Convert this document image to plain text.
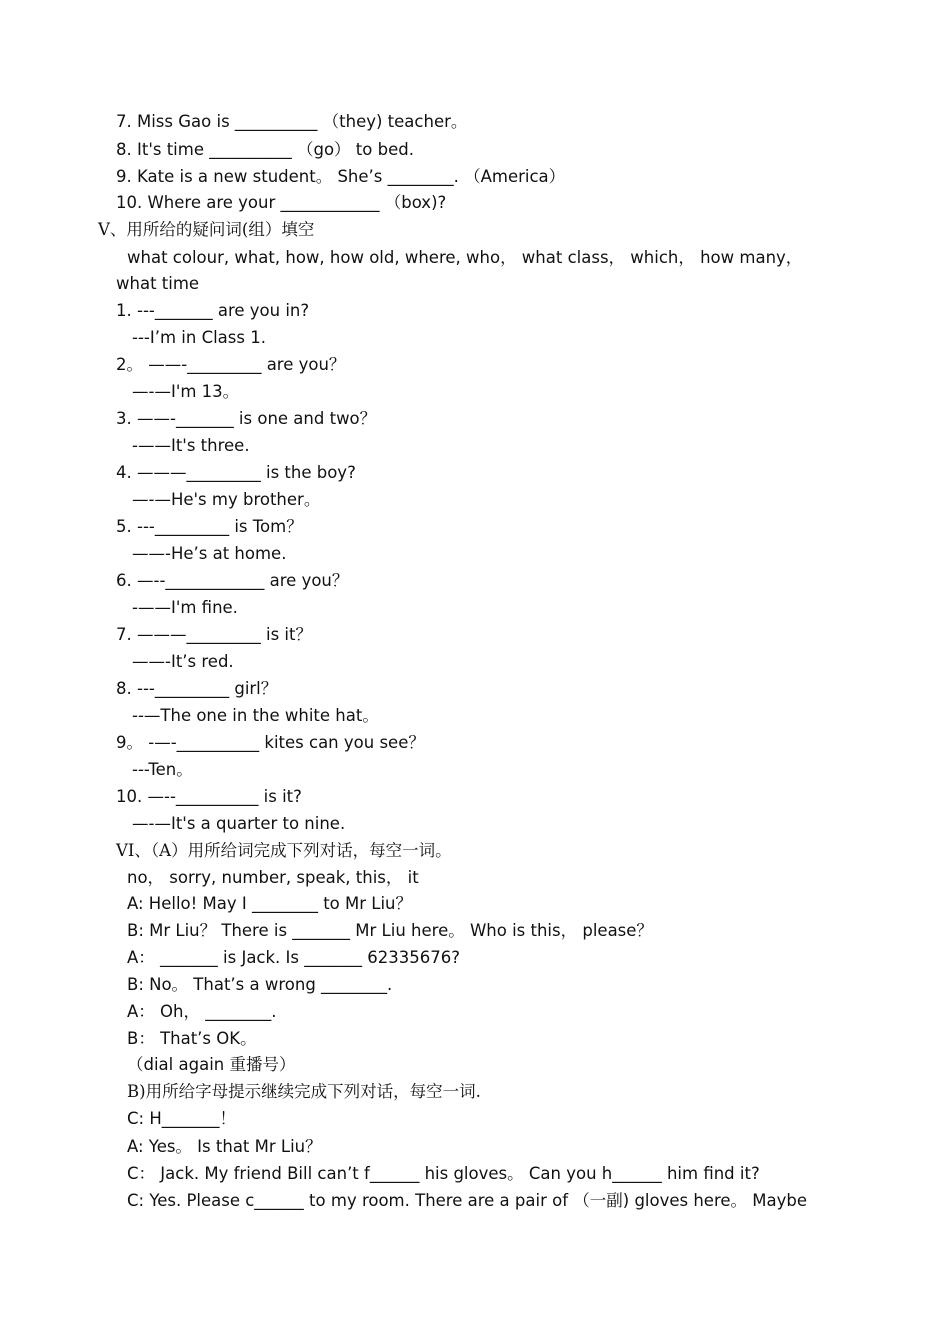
7. Miss Gao is __________ （they) teacher。
8. It's time __________ （go） to bed.
9. Kate is a new student。 She’s ________. （America）
10. Where are your ____________ （box)?
V、用所给的疑问词(组）填空
what colour, what, how, how old, where, who， what class， which， how many，
what time
1. ---_______ are you in?
---I’m in Class 1.
2。 ——-_________ are you？
—-—I'm 13。
3. ——-_______ is one and two？
-——It's three.
4. ———_________ is the boy?
—-—He's my brother。
5. ---_________ is Tom？
——-He’s at home.
6. —--____________ are you？
-——I'm fine.
7. ———_________ is it？
——-It’s red.
8. ---_________ girl？
--—The one in the white hat。
9。 -—-__________ kites can you see？
---Ten。
10. —--__________ is it?
—-—It's a quarter to nine.
VI、（A）用所给词完成下列对话，每空一词。
no， sorry, number, speak, this， it
A: Hello! May I ________ to Mr Liu？
B: Mr Liu？ There is _______ Mr Liu here。 Who is this， please？
A： _______ is Jack. Is _______ 62335676?
B: No。 That’s a wrong ________.
A： Oh， ________.
B： That’s OK。
（dial again 重播号）
B)用所给字母提示继续完成下列对话，每空一词.
C: H_______！
A: Yes。 Is that Mr Liu？
C： Jack. My friend Bill can’t f______ his gloves。 Can you h______ him find it?
C: Yes. Please c______ to my room. There are a pair of （一副) gloves here。 Maybe
